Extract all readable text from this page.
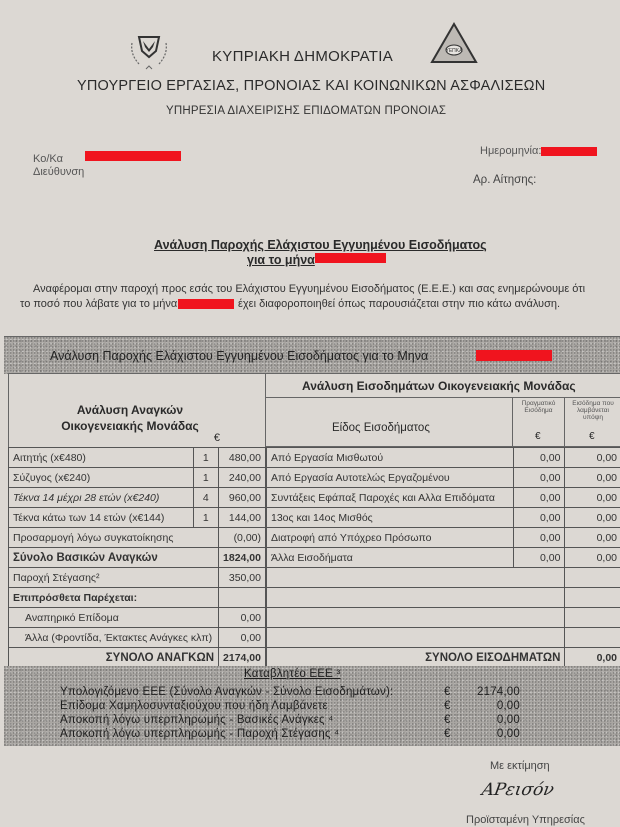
ΥΕΠΚΑ
ΚΥΠΡΙΑΚΗ ΔΗΜΟΚΡΑΤΙΑ
ΥΠΟΥΡΓΕΙΟ ΕΡΓΑΣΙΑΣ, ΠΡΟΝΟΙΑΣ ΚΑΙ ΚΟΙΝΩΝΙΚΩΝ ΑΣΦΑΛΙΣΕΩΝ
ΥΠΗΡΕΣΙΑ ΔΙΑΧΕΙΡΙΣΗΣ ΕΠΙΔΟΜΑΤΩΝ ΠΡΟΝΟΙΑΣ
Κο/Κα
Διεύθυνση
Ημερομηνία:
Αρ. Αίτησης:
Ανάλυση Παροχής Ελάχιστου Εγγυημένου Εισοδήματος
για το μήνα
Αναφέρομαι στην παροχή προς εσάς του Ελάχιστου Εγγυημένου Εισοδήματος (Ε.Ε.Ε.) και σας ενημερώνουμε ότι
το ποσό που λάβατε για το μήνα	έχει διαφοροποιηθεί όπως παρουσιάζεται στην πιο κάτω ανάλυση.
Ανάλυση Παροχής Ελάχιστου Εγγυημένου Εισοδήματος για το Μηνα
Ανάλυση Αναγκών Οικογενειακής Μονάδας
€
Αιτητής (x€480)	1	480,00
Σύζυγος (x€240)	1	240,00
Τέκνα 14 μέχρι 28 ετών (x€240)	4	960,00
Τέκνα κάτω των 14 ετών (x€144)	1	144,00
Προσαρμογή λόγω συγκατοίκησης		(0,00)
Σύνολο Βασικών Αναγκών		1824,00
Παροχή Στέγασης²		350,00
Επιπρόσθετα Παρέχεται:		
Αναπηρικό Επίδομα		0,00
Άλλα (Φροντίδα, Έκτακτες Ανάγκες κλπ)		0,00
ΣΥΝΟΛΟ ΑΝΑΓΚΩΝ		2174,00
Ανάλυση Εισοδημάτων Οικογενειακής Μονάδας
Είδος Εισοδήματος
Πραγματικό Εισόδημα
€
Εισόδημα που λαμβάνεται υπόψη
€
Από Εργασία Μισθωτού	0,00	0,00
Από Εργασία Αυτοτελώς Εργαζομένου	0,00	0,00
Συντάξεις Εφάπαξ Παροχές και Αλλα Επιδόματα	0,00	0,00
13ος και 14ος Μισθός	0,00	0,00
Διατροφή από Υπόχρεο Πρόσωπο	0,00	0,00
Άλλα Εισοδήματα	0,00	0,00

ΣΥΝΟΛΟ ΕΙΣΟΔΗΜΑΤΩΝ		0,00
Καταβλητέο ΕΕΕ ³
Υπολογιζόμενο ΕΕΕ (Σύνολο Αναγκών - Σύνολο Εισοδημάτων):	€	2174,00
Επίδομα Χαμηλοσυνταξιούχου που ήδη Λαμβάνετε	€	0,00
Αποκοπή λόγω υπερπληρωμής - Βασικές Ανάγκες ⁴	€	0,00
Αποκοπή λόγω υπερπληρωμής - Παροχή Στέγασης ⁴	€	0,00
Με εκτίμηση
ΑΡεισόν
Προϊσταμένη Υπηρεσίας
